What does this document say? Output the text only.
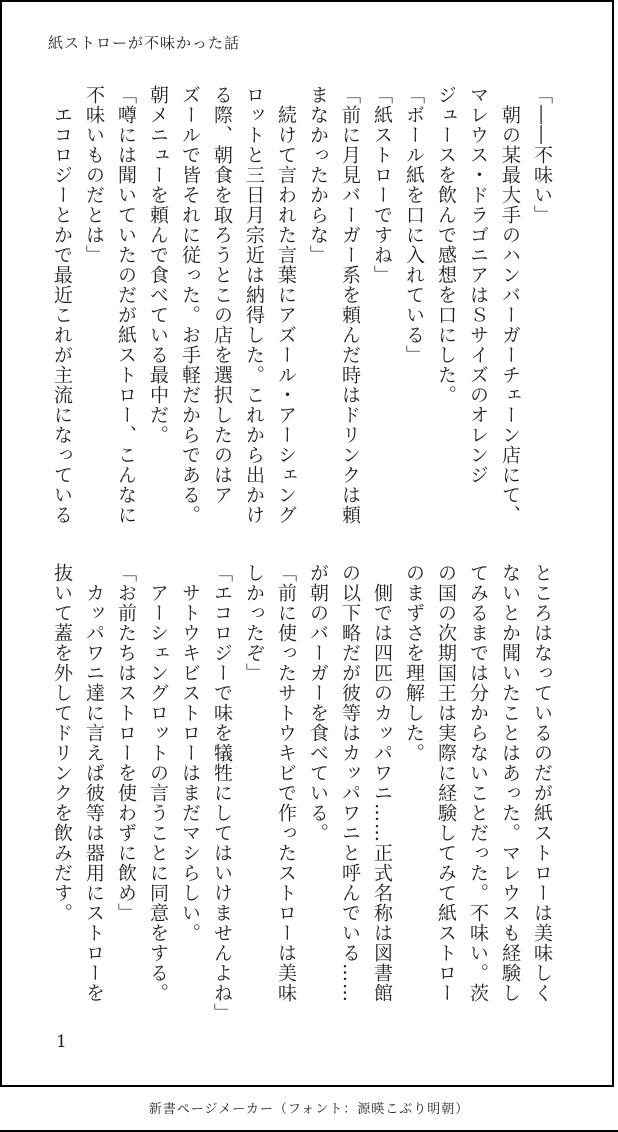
紙ストローが不味かった話

「――不味い」

　朝の某最大手のハンバーガーチェーン店にて、

マレウス・ドラゴニアはＳサイズのオレンジ

ジュースを飲んで感想を口にした。

「ボール紙を口に入れている」

「紙ストローですね」

「前に月見バーガー系を頼んだ時はドリンクは頼

まなかったからな」

　続けて言われた言葉にアズール・アーシェング

ロットと三日月宗近は納得した。これから出かけ

る際、朝食を取ろうとこの店を選択したのはア

ズールで皆それに従った。お手軽だからである。

朝メニューを頼んで食べている最中だ。

「噂には聞いていたのだが紙ストロー、こんなに

不味いものだとは」

　エコロジーとかで最近これが主流になっている

ところはなっているのだが紙ストローは美味しく

ないとか聞いたことはあった。マレウスも経験し

てみるまでは分からないことだった。不味い。茨

の国の次期国王は実際に経験してみて紙ストロー

のまずさを理解した。

　側では四匹のカッパワニ……正式名称は図書館

の以下略だが彼等はカッパワニと呼んでいる……

が朝のバーガーを食べている。

「前に使ったサトウキビで作ったストローは美味

しかったぞ」

「エコロジーで味を犠牲にしてはいけませんよね」

　サトウキビストローはまだマシらしい。

　アーシェングロットの言うことに同意をする。

「お前たちはストローを使わずに飲め」

　カッパワニ達に言えば彼等は器用にストローを

抜いて蓋を外してドリンクを飲みだす。

1
新書ページメーカー（フォント：源暎こぶり明朝）
